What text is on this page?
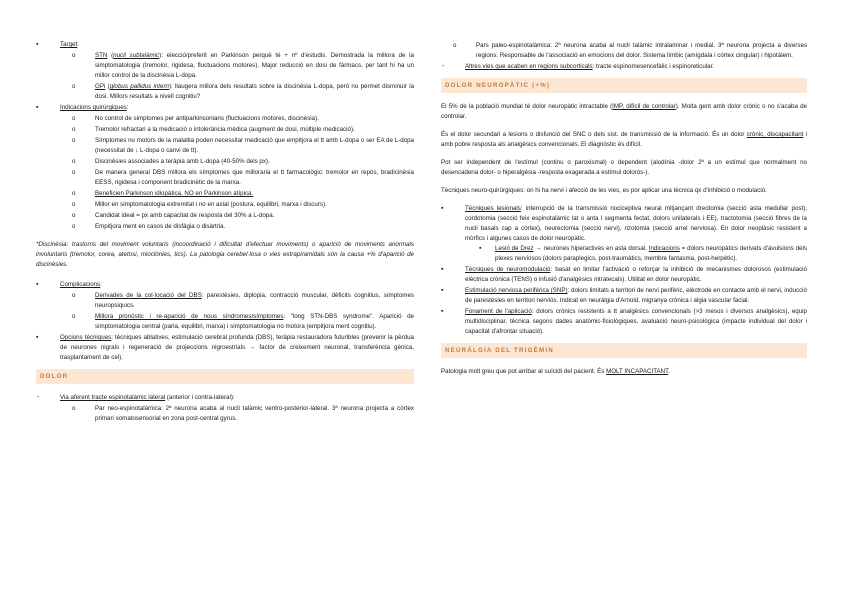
▪ Target:
o STN (nucli subtalàmic): elecció/preferit en Parkinson perquè té + nº d'estudis. Demostrada la millora de la simptomatologia (tremolor, rigidesa, fluctuacions motores). Major reducció en dosi de fàrmacs, per tant hi ha un millor control de la discinèsia L-dopa.
o GPi (globus pallidus intern): llaugera millora dels resultats sobre la discinèsia L-dopa, però no permet disminuir la dosi. Millors resultats a nivell cognitiu?
▪ Indicacions quirúrgiques:
o No control de simptomes per antiparkinsonians (fluctuacions motores, discinèsia).
o Tremolor refractari a la medicació o intolerància mèdica (augment de dosi, múltiple medicació).
o Símptomes no motors de la malaltia poden necessitar medicació que empitjora el tt amb L-dopa o ser EA de L-dopa (necessitat de ↓ L-dopa o canvi de tt).
o Discinèsies associades a teràpia amb L-dopa (40-50% dels px).
o De manera general DBS millora els símptomes que milloraria el tt farmacològic: tremolor en repòs, bradicinèsia EESS, rigidesa i component bradicinètic de la marxa.
o Beneficien Parkinson idiopàtica, NO en Parkinson atípica.
o Millor en simptomatologia extremitat i no en axial (postura, equilibri, marxa i discurs).
o Candidat ideal = px amb capacitat de resposta del 30% a L-dopa.
o Empitjora ment en casos de disfàgia o disàrtria.
*Discinèsia: trastorns del moviment voluntaris (incoordinació i dificultat d'efectuar moviments) o aparició de moviments anormals involuntaris (tremolor, corea, atetosi, mioclònies, tics). La patologia cerebel·losa o vies extrapiramidals són la causa +% d'aparició de discinèsies.
▪ Complicacions:
o Derivades de la col·locació del DBS: parestèsies, diplopia, contracció muscular, dèficits cognitius, símptomes neuropsiquics.
o Millora pronòstic i re-aparició de nous síndromes/símptomes: "long STN-DBS syndrome". Aparició de simptomatologia central (parla, equilibri, marxa) i simptomatologia no motora (empitjora ment cognitiu).
▪ Opcions tècniques: tècniques ablatives, estimulació cerebral profunda (DBS), teràpia restauradora futuribles (prevenir la pèrdua de neurones nigrals i regeneració de projeccions nigroestrials → factor de creixement neuronal, transferència gènica, trasplantament de cel).
DOLOR
- Via aferent tracte espinotalàmic lateral (anterior i contra-lateral):
o Par neo-espinotalàmica: 2ª neurona acaba al nucli talàmic ventro-posterior-lateral. 3ª neurona projecta a còrtex primari somatosensorial en zona post-central gyrus.
o Pars paleo-espinotalàmica: 2ª neurona acaba al nucli talàmic intralaminar i medial. 3ª neurona projecta a diverses regions. Responsable de l'associació en emocions del dolor. Sistema límbic (amígdala i còrtex cingular) i hipotàlem.
- Altres vies que acaben en regions subcorticals: tracte espinomesencefàlic i espinoreticular.
DOLOR NEUROPÀTIC (+%)

El 5% de la població mundial té dolor neuropàtic intractable (IMP, difícil de controlar). Molta gent amb dolor crònic o no s'acaba de controlar.

És el dolor secundari a lesions o disfunció del SNC o dels sist. de transmissió de la informació. És un dolor crònic, discapacitant i amb pobre resposta als analgèsics convencionals. El diagnòstic és difícil.

Pot ser independent de l'estímul (continu o paroxismal) o dependent (alodínia -dolor 2ª a un estímul que normalment no desencadena dolor- o hiperalgèsia -resposta exagerada a estímul dolorós-).

Tècniques neuro-quirúrgiques: on hi ha nervi i afecció de les vies, es por aplicar una tècnica qx d'inhibició o modulació.

▪ Tècniques lesionals: interrupció de la transmissió nociceptiva neural mitjançant dreotomia (secció asta medullar post), cordotomia (secció feix espinotalàmic lat o anta l segmenta fectat, dolors unilaterals i EE), tractotomia (secció fibres de la nucli basals cap a còrtex), neurectomia (secció nervi), rizotomia (secció arrel nerviosa). En dolor neoplàsic resistent a mòrfics i algunes casos de dolor neuropàtic.
▪ Lesió de Drez → neurones hiperactives en asta dorsal. Indicacions = dolors neuropàtics derivats d'avulsions dels plexes nerviosos (dolors paraplegics, post-traumàtics, membre fantasma, post-herpètic).
▪ Tècniques de neuromodulació: basat en limitar l'activació o reforçar la inhibició de mecanismes dolorosos (estimulació elèctrica crònica (TENS) o infusió d'analgèsics intratecals). Utilitat en dolor neuropàtic.
▪ Estimulació nerviosa perifèrica (SNP): dolors limitats a territori de nervi perifèric, elèctrode en contacte amb el nervi, inducció de parestèsies en territori nerviós. Indicat en neuràlgia d'Arnold, migranya crònica i algia vascular facial.
▪ Fonament de l'aplicació: dolors crònics resistents a tt analgèsics convencionals (>3 mesos i diversos analgèsics), equip multidisciplinar, tècnica segons dades anatòmic-fisiològiques, avaluació neuro-psicològica (impacte individual del dolor i capacitat d'afrontar situació).
NEURÀLGIA DEL TRIGÈMIN

Patologia molt greu que pot arribar al suïcidi del pacient. És MOLT INCAPACITANT.
